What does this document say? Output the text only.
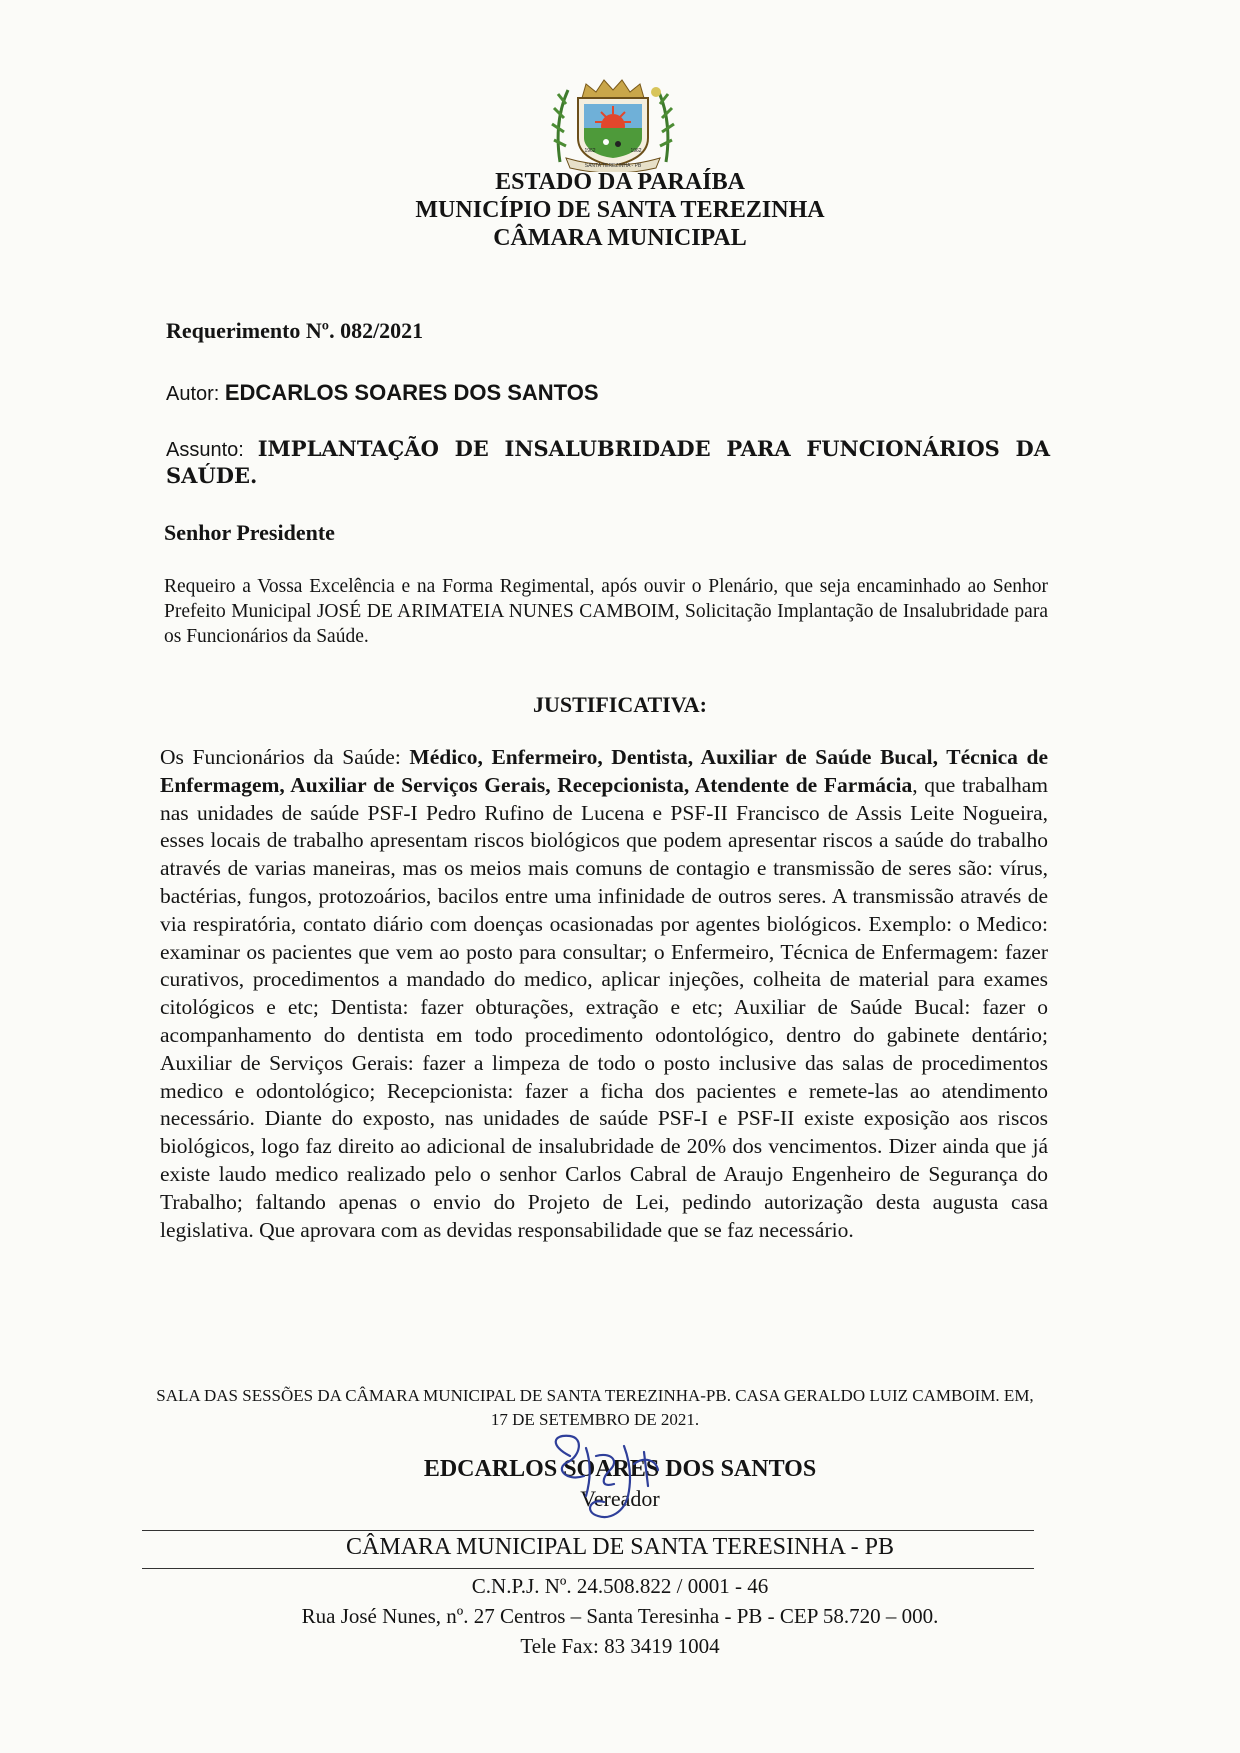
SANTA TEREZINHA - PB
1962	1962
ESTADO DA PARAÍBA
MUNICÍPIO DE SANTA TEREZINHA
CÂMARA MUNICIPAL
Requerimento Nº. 082/2021
Autor: EDCARLOS SOARES DOS SANTOS
Assunto: IMPLANTAÇÃO DE INSALUBRIDADE PARA FUNCIONÁRIOS DA SAÚDE.
Senhor Presidente
Requeiro a Vossa Excelência e na Forma Regimental, após ouvir o Plenário, que seja encaminhado ao Senhor Prefeito Municipal JOSÉ DE ARIMATEIA NUNES CAMBOIM, Solicitação Implantação de Insalubridade para os Funcionários da Saúde.
JUSTIFICATIVA:
Os Funcionários da Saúde: Médico, Enfermeiro, Dentista, Auxiliar de Saúde Bucal, Técnica de Enfermagem, Auxiliar de Serviços Gerais, Recepcionista, Atendente de Farmácia, que trabalham nas unidades de saúde PSF-I Pedro Rufino de Lucena e PSF-II Francisco de Assis Leite Nogueira, esses locais de trabalho apresentam riscos biológicos que podem apresentar riscos a saúde do trabalho através de varias maneiras, mas os meios mais comuns de contagio e transmissão de seres são: vírus, bactérias, fungos, protozoários, bacilos entre uma infinidade de outros seres. A transmissão através de via respiratória, contato diário com doenças ocasionadas por agentes biológicos. Exemplo: o Medico: examinar os pacientes que vem ao posto para consultar; o Enfermeiro, Técnica de Enfermagem: fazer curativos, procedimentos a mandado do medico, aplicar injeções, colheita de material para exames citológicos e etc; Dentista: fazer obturações, extração e etc; Auxiliar de Saúde Bucal: fazer o acompanhamento do dentista em todo procedimento odontológico, dentro do gabinete dentário; Auxiliar de Serviços Gerais: fazer a limpeza de todo o posto inclusive das salas de procedimentos medico e odontológico; Recepcionista: fazer a ficha dos pacientes e remete-las ao atendimento necessário. Diante do exposto, nas unidades de saúde PSF-I e PSF-II existe exposição aos riscos biológicos, logo faz direito ao adicional de insalubridade de 20% dos vencimentos. Dizer ainda que já existe laudo medico realizado pelo o senhor Carlos Cabral de Araujo Engenheiro de Segurança do Trabalho; faltando apenas o envio do Projeto de Lei, pedindo autorização desta augusta casa legislativa. Que aprovara com as devidas responsabilidade que se faz necessário.
SALA DAS SESSÕES DA CÂMARA MUNICIPAL DE SANTA TEREZINHA-PB. CASA GERALDO LUIZ CAMBOIM. EM, 17 DE SETEMBRO DE 2021.
EDCARLOS SOARES DOS SANTOS
Vereador
CÂMARA MUNICIPAL DE SANTA TERESINHA - PB
C.N.P.J. Nº. 24.508.822 / 0001 - 46
Rua José Nunes, nº. 27 Centros – Santa Teresinha - PB - CEP 58.720 – 000.
Tele Fax: 83 3419 1004
